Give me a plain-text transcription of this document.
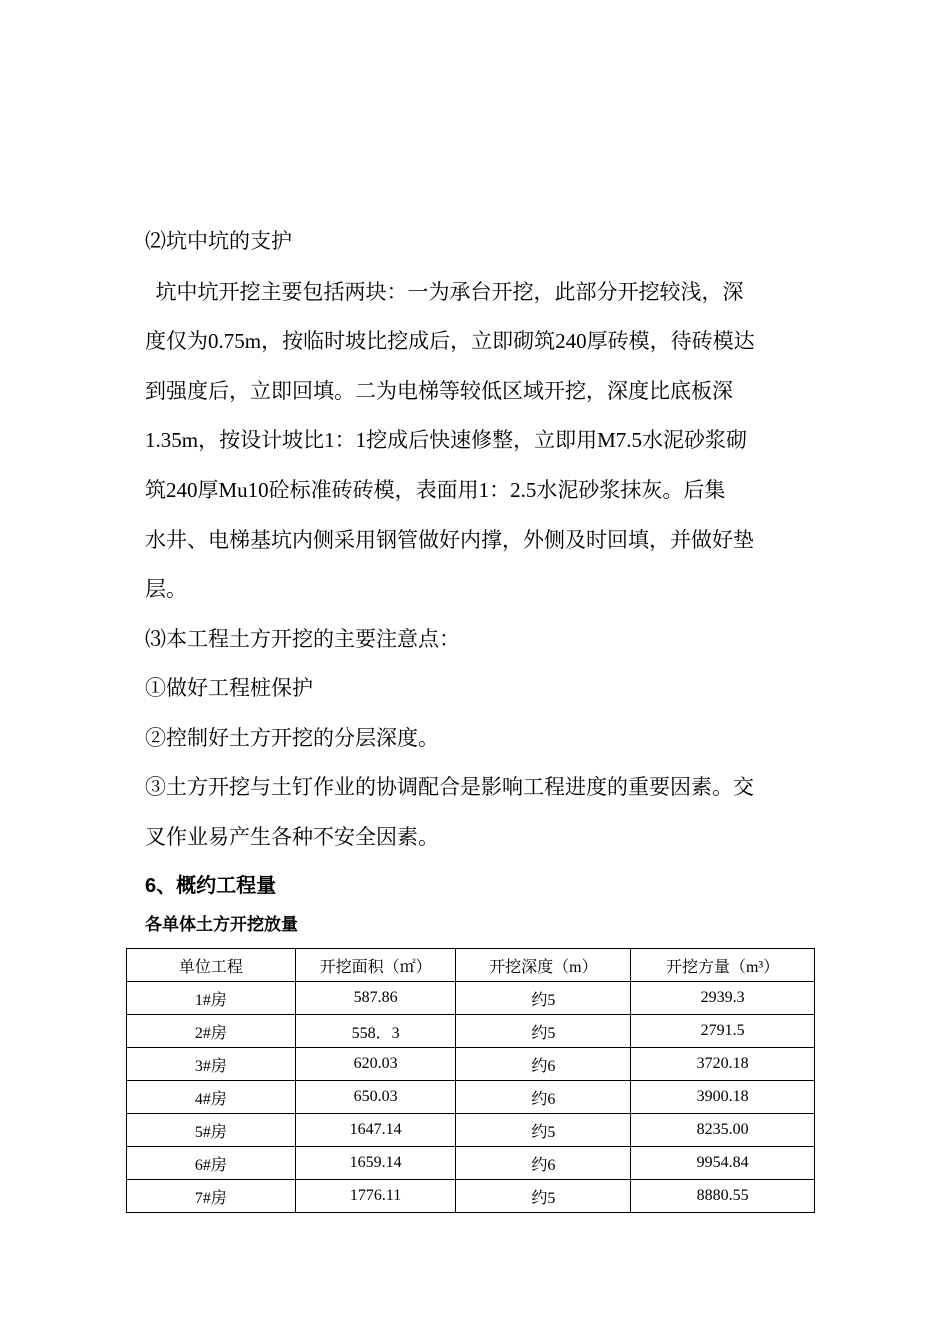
⑵坑中坑的支护
坑中坑开挖主要包括两块：一为承台开挖，此部分开挖较浅，深
度仅为0.75m，按临时坡比挖成后，立即砌筑240厚砖模，待砖模达
到强度后，立即回填。二为电梯等较低区域开挖，深度比底板深
1.35m，按设计坡比1：1挖成后快速修整，立即用M7.5水泥砂浆砌
筑240厚Mu10砼标准砖砖模，表面用1：2.5水泥砂浆抹灰。后集
水井、电梯基坑内侧采用钢管做好内撑，外侧及时回填，并做好垫
层。
⑶本工程土方开挖的主要注意点：
①做好工程桩保护
②控制好土方开挖的分层深度。
③土方开挖与土钉作业的协调配合是影响工程进度的重要因素。交
叉作业易产生各种不安全因素。
6、概约工程量
各单体土方开挖放量
单位工程	开挖面积（㎡）	开挖深度（m）	开挖方量（m³）
1#房	587.86	约5	2939.3
2#房	558．3	约5	2791.5
3#房	620.03	约6	3720.18
4#房	650.03	约6	3900.18
5#房	1647.14	约5	8235.00
6#房	1659.14	约6	9954.84
7#房	1776.11	约5	8880.55
